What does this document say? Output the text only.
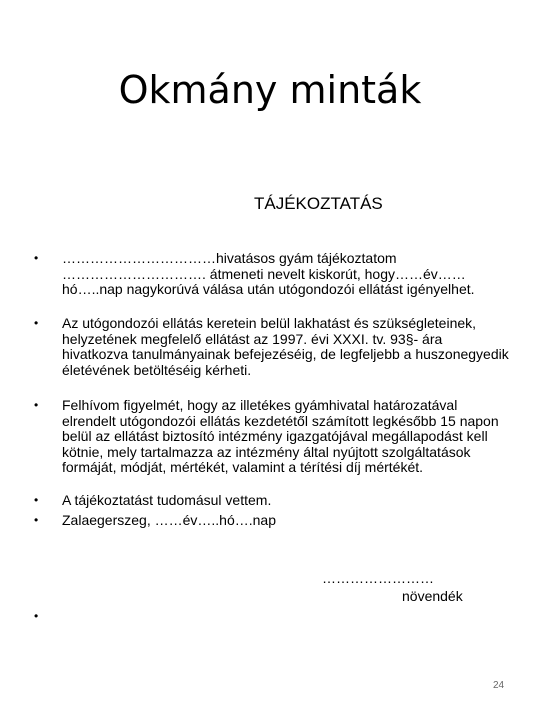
Okmány minták
TÁJÉKOZTATÁS
• ……………………………hivatásos gyám tájékoztatom …………………………. átmeneti nevelt kiskorút, hogy……év……hó…..nap nagykorúvá válása után utógondozói ellátást igényelhet.
• Az utógondozói ellátás keretein belül lakhatást és szükségleteinek, helyzetének megfelelő ellátást az 1997. évi XXXI. tv. 93§- ára hivatkozva tanulmányainak befejezéséig, de legfeljebb a huszonegyedik életévének betöltéséig kérheti.
• Felhívom figyelmét, hogy az illetékes gyámhivatal határozatával elrendelt utógondozói ellátás kezdetétől számított legkésőbb 15 napon belül az ellátást biztosító intézmény igazgatójával megállapodást kell kötnie, mely tartalmazza az intézmény által nyújtott szolgáltatások formáját, módját, mértékét, valamint a térítési díj mértékét.
• A tájékoztatást tudomásul vettem.
• Zalaegerszeg, ……év…..hó….nap
……………………
növendék
24
